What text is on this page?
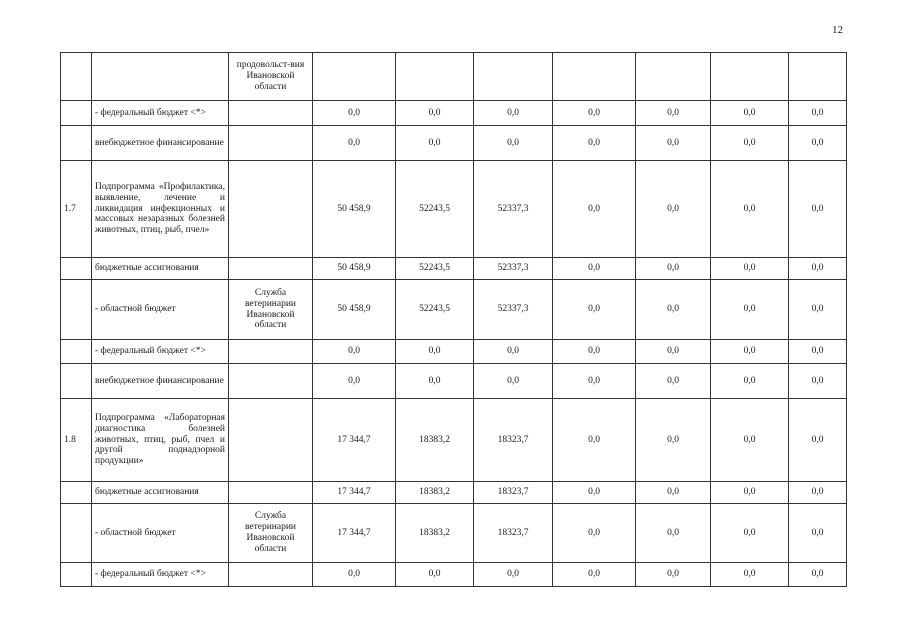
12
		продовольст-вия Ивановской области							
	- федеральный бюджет <*>		0,0	0,0	0,0	0,0	0,0	0,0	0,0
	внебюджетное финансирование		0,0	0,0	0,0	0,0	0,0	0,0	0,0
1.7	Подпрограмма «Профилактика, выявление, лечение и ликвидация инфекционных и массовых незаразных болезней животных, птиц, рыб, пчел»		50 458,9	52243,5	52337,3	0,0	0,0	0,0	0,0
	бюджетные ассигнования		50 458,9	52243,5	52337,3	0,0	0,0	0,0	0,0
	- областной бюджет	Служба ветеринарии Ивановской области	50 458,9	52243,5	52337,3	0,0	0,0	0,0	0,0
	- федеральный бюджет <*>		0,0	0,0	0,0	0,0	0,0	0,0	0,0
	внебюджетное финансирование		0,0	0,0	0,0	0,0	0,0	0,0	0,0
1.8	Подпрограмма «Лабораторная диагностика болезней животных, птиц, рыб, пчел и другой поднадзорной продукции»		17 344,7	18383,2	18323,7	0,0	0,0	0,0	0,0
	бюджетные ассигнования		17 344,7	18383,2	18323,7	0,0	0,0	0,0	0,0
	- областной бюджет	Служба ветеринарии Ивановской области	17 344,7	18383,2	18323,7	0,0	0,0	0,0	0,0
	- федеральный бюджет <*>		0,0	0,0	0,0	0,0	0,0	0,0	0,0
